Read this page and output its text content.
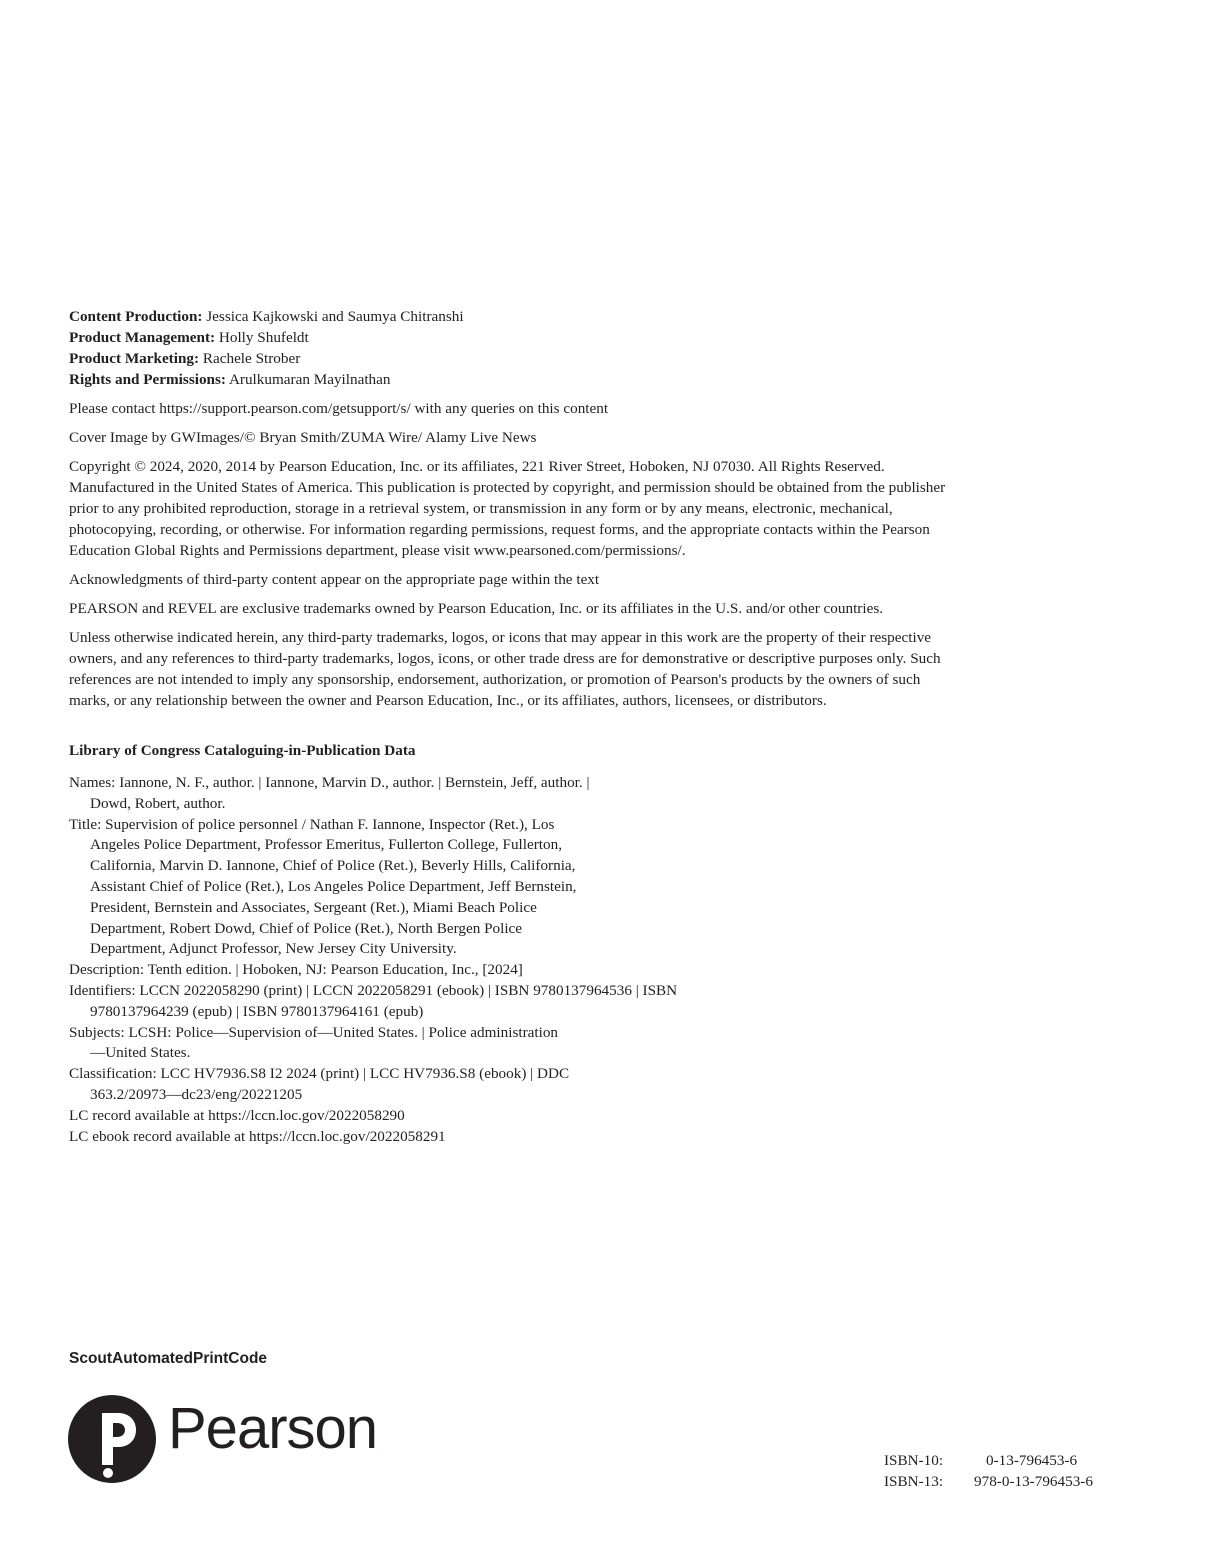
Content Production: Jessica Kajkowski and Saumya Chitranshi
Product Management: Holly Shufeldt
Product Marketing: Rachele Strober
Rights and Permissions: Arulkumaran Mayilnathan
Please contact https://support.pearson.com/getsupport/s/ with any queries on this content
Cover Image by GWImages/© Bryan Smith/ZUMA Wire/ Alamy Live News
Copyright © 2024, 2020, 2014 by Pearson Education, Inc. or its affiliates, 221 River Street, Hoboken, NJ 07030. All Rights Reserved. Manufactured in the United States of America. This publication is protected by copyright, and permission should be obtained from the publisher prior to any prohibited reproduction, storage in a retrieval system, or transmission in any form or by any means, electronic, mechanical, photocopying, recording, or otherwise. For information regarding permissions, request forms, and the appropriate contacts within the Pearson Education Global Rights and Permissions department, please visit www.pearsoned.com/permissions/.
Acknowledgments of third-party content appear on the appropriate page within the text
PEARSON and REVEL are exclusive trademarks owned by Pearson Education, Inc. or its affiliates in the U.S. and/or other countries.
Unless otherwise indicated herein, any third-party trademarks, logos, or icons that may appear in this work are the property of their respective owners, and any references to third-party trademarks, logos, icons, or other trade dress are for demonstrative or descriptive purposes only. Such references are not intended to imply any sponsorship, endorsement, authorization, or promotion of Pearson's products by the owners of such marks, or any relationship between the owner and Pearson Education, Inc., or its affiliates, authors, licensees, or distributors.
Library of Congress Cataloguing-in-Publication Data
Names: Iannone, N. F., author. | Iannone, Marvin D., author. | Bernstein, Jeff, author. | Dowd, Robert, author.
Title: Supervision of police personnel / Nathan F. Iannone, Inspector (Ret.), Los Angeles Police Department, Professor Emeritus, Fullerton College, Fullerton, California, Marvin D. Iannone, Chief of Police (Ret.), Beverly Hills, California, Assistant Chief of Police (Ret.), Los Angeles Police Department, Jeff Bernstein, President, Bernstein and Associates, Sergeant (Ret.), Miami Beach Police Department, Robert Dowd, Chief of Police (Ret.), North Bergen Police Department, Adjunct Professor, New Jersey City University.
Description: Tenth edition. | Hoboken, NJ: Pearson Education, Inc., [2024]
Identifiers: LCCN 2022058290 (print) | LCCN 2022058291 (ebook) | ISBN 9780137964536 | ISBN 9780137964239 (epub) | ISBN 9780137964161 (epub)
Subjects: LCSH: Police—Supervision of—United States. | Police administration—United States.
Classification: LCC HV7936.S8 I2 2024 (print) | LCC HV7936.S8 (ebook) | DDC 363.2/20973—dc23/eng/20221205
LC record available at https://lccn.loc.gov/2022058290
LC ebook record available at https://lccn.loc.gov/2022058291
ScoutAutomatedPrintCode
Pearson	ISBN-10:	0-13-796453-6
ISBN-13: 978-0-13-796453-6
